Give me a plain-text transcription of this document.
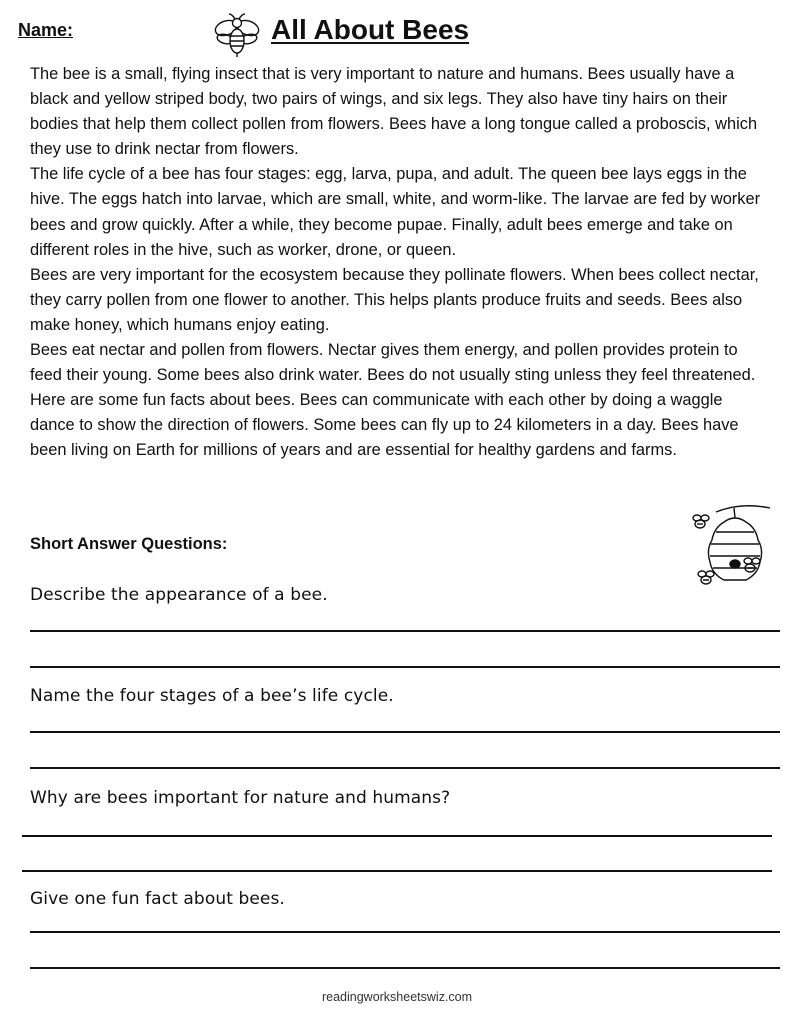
Name:	All About Bees

The bee is a small, flying insect that is very important to nature and humans. Bees usually have a black and yellow striped body, two pairs of wings, and six legs. They also have tiny hairs on their bodies that help them collect pollen from flowers. Bees have a long tongue called a proboscis, which they use to drink nectar from flowers.

The life cycle of a bee has four stages: egg, larva, pupa, and adult. The queen bee lays eggs in the hive. The eggs hatch into larvae, which are small, white, and worm-like. The larvae are fed by worker bees and grow quickly. After a while, they become pupae. Finally, adult bees emerge and take on different roles in the hive, such as worker, drone, or queen.

Bees are very important for the ecosystem because they pollinate flowers. When bees collect nectar, they carry pollen from one flower to another. This helps plants produce fruits and seeds. Bees also make honey, which humans enjoy eating.

Bees eat nectar and pollen from flowers. Nectar gives them energy, and pollen provides protein to feed their young. Some bees also drink water. Bees do not usually sting unless they feel threatened.

Here are some fun facts about bees. Bees can communicate with each other by doing a waggle dance to show the direction of flowers. Some bees can fly up to 24 kilometers in a day. Bees have been living on Earth for millions of years and are essential for healthy gardens and farms.

Short Answer Questions:
Describe the appearance of a bee.
Name the four stages of a bee’s life cycle.
Why are bees important for nature and humans?
Give one fun fact about bees.
readingworksheetswiz.com
